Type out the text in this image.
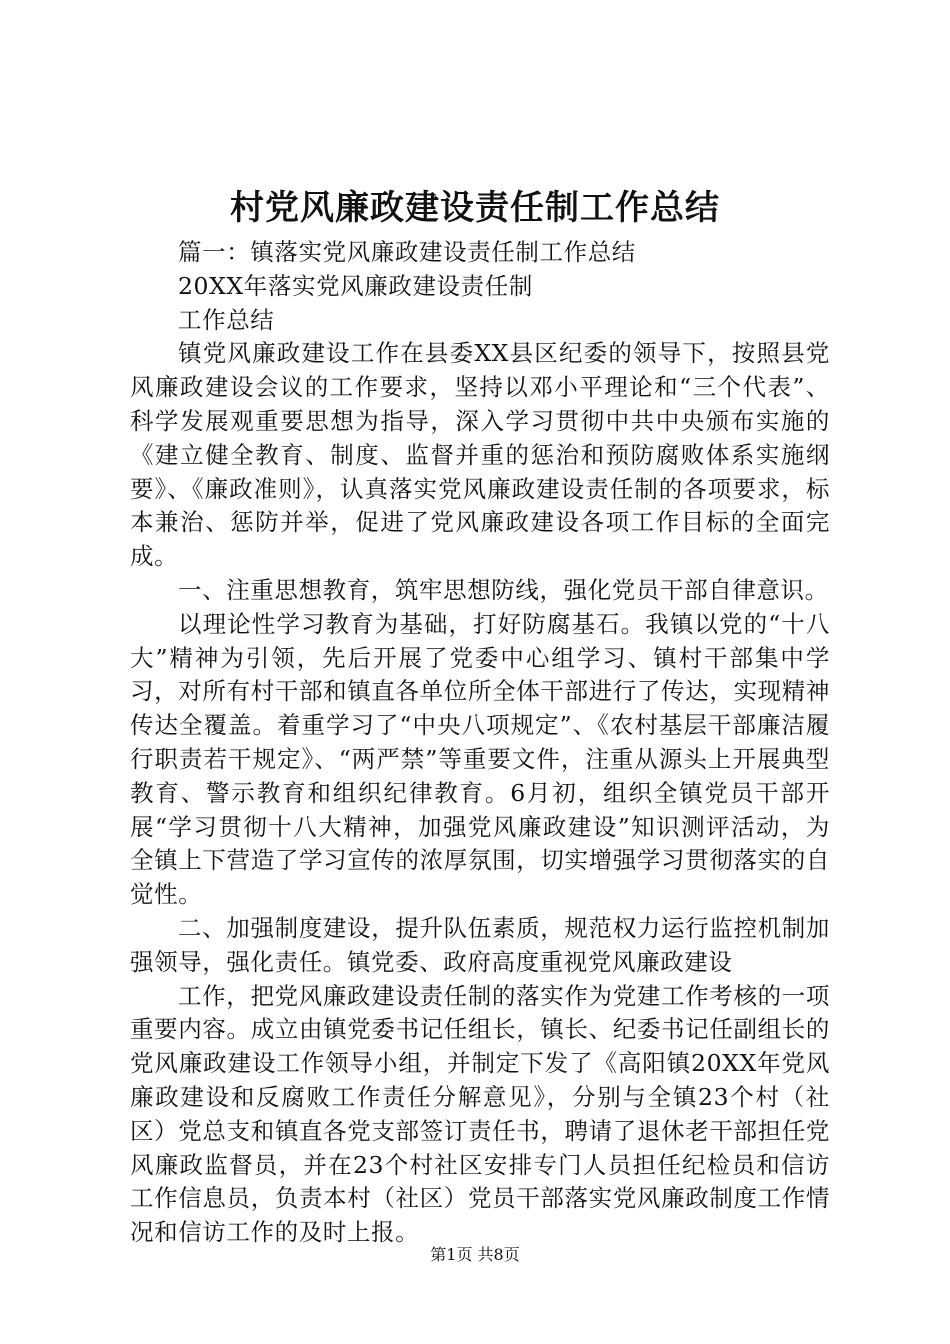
村党风廉政建设责任制工作总结

篇一：镇落实党风廉政建设责任制工作总结

20XX年落实党风廉政建设责任制

工作总结

镇党风廉政建设工作在县委XX县区纪委的领导下，按照县党风廉政建设会议的工作要求，坚持以邓小平理论和“三个代表”、科学发展观重要思想为指导，深入学习贯彻中共中央颁布实施的《建立健全教育、制度、监督并重的惩治和预防腐败体系实施纲要》、《廉政准则》，认真落实党风廉政建设责任制的各项要求，标本兼治、惩防并举，促进了党风廉政建设各项工作目标的全面完成。

一、注重思想教育，筑牢思想防线，强化党员干部自律意识。

以理论性学习教育为基础，打好防腐基石。我镇以党的“十八大”精神为引领，先后开展了党委中心组学习、镇村干部集中学习，对所有村干部和镇直各单位所全体干部进行了传达，实现精神传达全覆盖。着重学习了“中央八项规定”、《农村基层干部廉洁履行职责若干规定》、“两严禁”等重要文件，注重从源头上开展典型教育、警示教育和组织纪律教育。6月初，组织全镇党员干部开展“学习贯彻十八大精神，加强党风廉政建设”知识测评活动，为全镇上下营造了学习宣传的浓厚氛围，切实增强学习贯彻落实的自觉性。

二、加强制度建设，提升队伍素质，规范权力运行监控机制加强领导，强化责任。镇党委、政府高度重视党风廉政建设

工作，把党风廉政建设责任制的落实作为党建工作考核的一项重要内容。成立由镇党委书记任组长，镇长、纪委书记任副组长的党风廉政建设工作领导小组，并制定下发了《高阳镇20XX年党风廉政建设和反腐败工作责任分解意见》，分别与全镇23个村（社区）党总支和镇直各党支部签订责任书，聘请了退休老干部担任党风廉政监督员，并在23个村社区安排专门人员担任纪检员和信访工作信息员，负责本村（社区）党员干部落实党风廉政制度工作情况和信访工作的及时上报。

第1页 共8页
